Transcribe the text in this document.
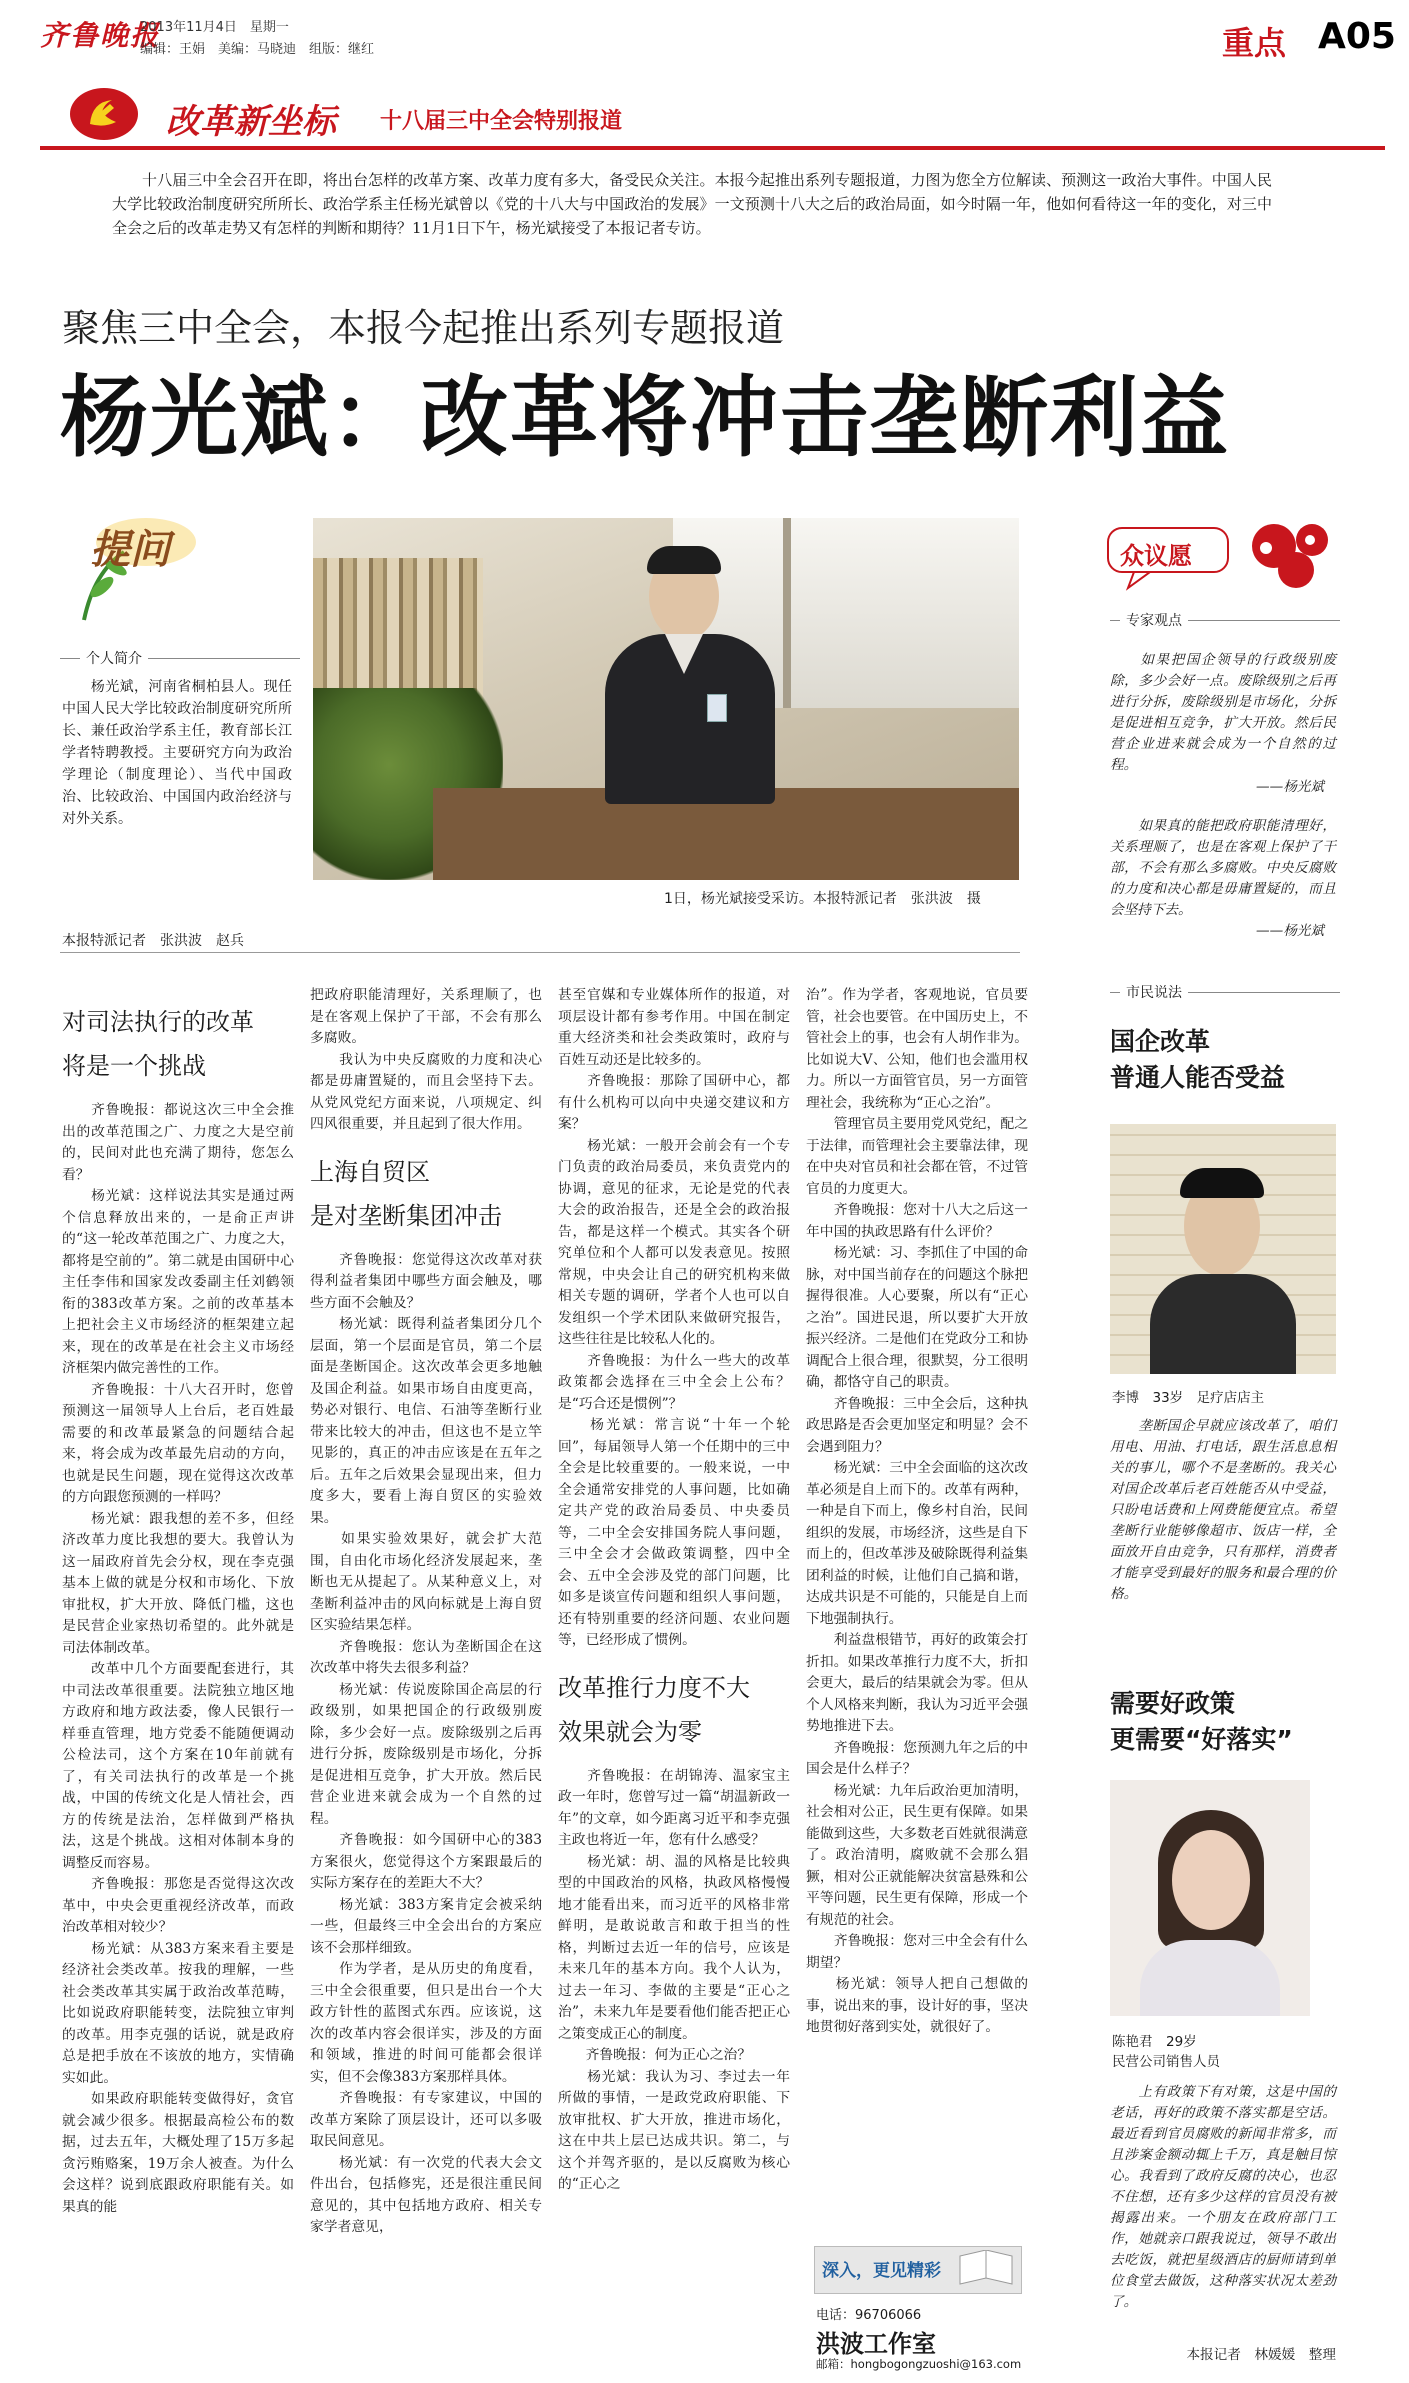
齐鲁晚报
2013年11月4日　星期一
编辑：王娟　美编：马晓迪　组版：继红	重点 A05
改革新坐标 十八届三中全会特别报道
十八届三中全会召开在即，将出台怎样的改革方案、改革力度有多大，备受民众关注。本报今起推出系列专题报道，力图为您全方位解读、预测这一政治大事件。中国人民大学比较政治制度研究所所长、政治学系主任杨光斌曾以《党的十八大与中国政治的发展》一文预测十八大之后的政治局面，如今时隔一年，他如何看待这一年的变化，对三中全会之后的改革走势又有怎样的判断和期待？11月1日下午，杨光斌接受了本报记者专访。
聚焦三中全会，本报今起推出系列专题报道
杨光斌：改革将冲击垄断利益
提问
个人简介
　　杨光斌，河南省桐柏县人。现任中国人民大学比较政治制度研究所所长、兼任政治学系主任，教育部长江学者特聘教授。主要研究方向为政治学理论（制度理论）、当代中国政治、比较政治、中国国内政治经济与对外关系。
1日，杨光斌接受采访。本报特派记者　张洪波　摄
本报特派记者　张洪波　赵兵
对司法执行的改革
将是一个挑战
　　齐鲁晚报：都说这次三中全会推出的改革范围之广、力度之大是空前的，民间对此也充满了期待，您怎么看？
　　杨光斌：这样说法其实是通过两个信息释放出来的，一是俞正声讲的“这一轮改革范围之广、力度之大，都将是空前的”。第二就是由国研中心主任李伟和国家发改委副主任刘鹤领衔的383改革方案。之前的改革基本上把社会主义市场经济的框架建立起来，现在的改革是在社会主义市场经济框架内做完善性的工作。
　　齐鲁晚报：十八大召开时，您曾预测这一届领导人上台后，老百姓最需要的和改革最紧急的问题结合起来，将会成为改革最先启动的方向，也就是民生问题，现在觉得这次改革的方向跟您预测的一样吗？
　　杨光斌：跟我想的差不多，但经济改革力度比我想的要大。我曾认为这一届政府首先会分权，现在李克强基本上做的就是分权和市场化、下放审批权，扩大开放、降低门槛，这也是民营企业家热切希望的。此外就是司法体制改革。
　　改革中几个方面要配套进行，其中司法改革很重要。法院独立地区地方政府和地方政法委，像人民银行一样垂直管理，地方党委不能随便调动公检法司，这个方案在10年前就有了，有关司法执行的改革是一个挑战，中国的传统文化是人情社会，西方的传统是法治，怎样做到严格执法，这是个挑战。这相对体制本身的调整反而容易。
　　齐鲁晚报：那您是否觉得这次改革中，中央会更重视经济改革，而政治改革相对较少？
　　杨光斌：从383方案来看主要是经济社会类改革。按我的理解，一些社会类改革其实属于政治改革范畴，比如说政府职能转变，法院独立审判的改革。用李克强的话说，就是政府总是把手放在不该放的地方，实情确实如此。
　　如果政府职能转变做得好，贪官就会减少很多。根据最高检公布的数据，过去五年，大概处理了15万多起贪污贿赂案，19万余人被查。为什么会这样？说到底跟政府职能有关。如果真的能
把政府职能清理好，关系理顺了，也是在客观上保护了干部，不会有那么多腐败。
　　我认为中央反腐败的力度和决心都是毋庸置疑的，而且会坚持下去。从党风党纪方面来说，八项规定、纠四风很重要，并且起到了很大作用。
上海自贸区
是对垄断集团冲击
　　齐鲁晚报：您觉得这次改革对获得利益者集团中哪些方面会触及，哪些方面不会触及？
　　杨光斌：既得利益者集团分几个层面，第一个层面是官员，第二个层面是垄断国企。这次改革会更多地触及国企利益。如果市场自由度更高，势必对银行、电信、石油等垄断行业带来比较大的冲击，但这也不是立竿见影的，真正的冲击应该是在五年之后。五年之后效果会显现出来，但力度多大，要看上海自贸区的实验效果。
　　如果实验效果好，就会扩大范围，自由化市场化经济发展起来，垄断也无从提起了。从某种意义上，对垄断利益冲击的风向标就是上海自贸区实验结果怎样。
　　齐鲁晚报：您认为垄断国企在这次改革中将失去很多利益？
　　杨光斌：传说废除国企高层的行政级别，如果把国企的行政级别废除，多少会好一点。废除级别之后再进行分拆，废除级别是市场化，分拆是促进相互竞争，扩大开放。然后民营企业进来就会成为一个自然的过程。
　　齐鲁晚报：如今国研中心的383方案很火，您觉得这个方案跟最后的实际方案存在的差距大不大？
　　杨光斌：383方案肯定会被采纳一些，但最终三中全会出台的方案应该不会那样细致。
　　作为学者，是从历史的角度看，三中全会很重要，但只是出台一个大政方针性的蓝图式东西。应该说，这次的改革内容会很详实，涉及的方面和领域，推进的时间可能都会很详实，但不会像383方案那样具体。
　　齐鲁晚报：有专家建议，中国的改革方案除了顶层设计，还可以多吸取民间意见。
　　杨光斌：有一次党的代表大会文件出台，包括修宪，还是很注重民间意见的，其中包括地方政府、相关专家学者意见，
甚至官媒和专业媒体所作的报道，对项层设计都有参考作用。中国在制定重大经济类和社会类政策时，政府与百姓互动还是比较多的。
　　齐鲁晚报：那除了国研中心，都有什么机构可以向中央递交建议和方案？
　　杨光斌：一般开会前会有一个专门负责的政治局委员，来负责党内的协调，意见的征求，无论是党的代表大会的政治报告，还是全会的政治报告，都是这样一个模式。其实各个研究单位和个人都可以发表意见。按照常规，中央会让自己的研究机构来做相关专题的调研，学者个人也可以自发组织一个学术团队来做研究报告，这些往往是比较私人化的。
　　齐鲁晚报：为什么一些大的改革政策都会选择在三中全会上公布？是“巧合还是惯例”？
　　杨光斌：常言说“十年一个轮回”，每届领导人第一个任期中的三中全会是比较重要的。一般来说，一中全会通常安排党的人事问题，比如确定共产党的政治局委员、中央委员等，二中全会安排国务院人事问题，三中全会才会做政策调整，四中全会、五中全会涉及党的部门问题，比如多是谈宣传问题和组织人事问题，还有特别重要的经济问题、农业问题等，已经形成了惯例。
改革推行力度不大
效果就会为零
　　齐鲁晚报：在胡锦涛、温家宝主政一年时，您曾写过一篇“胡温新政一年”的文章，如今距离习近平和李克强主政也将近一年，您有什么感受？
　　杨光斌：胡、温的风格是比较典型的中国政治的风格，执政风格慢慢地才能看出来，而习近平的风格非常鲜明，是敢说敢言和敢于担当的性格，判断过去近一年的信号，应该是未来几年的基本方向。我个人认为，过去一年习、李做的主要是“正心之治”，未来九年是要看他们能否把正心之策变成正心的制度。
　　齐鲁晚报：何为正心之治？
　　杨光斌：我认为习、李过去一年所做的事情，一是政党政府职能、下放审批权、扩大开放，推进市场化，这在中共上层已达成共识。第二，与这个并驾齐驱的，是以反腐败为核心的“正心之
治”。作为学者，客观地说，官员要管，社会也要管。在中国历史上，不管社会上的事，也会有人胡作非为。比如说大V、公知，他们也会滥用权力。所以一方面管官员，另一方面管理社会，我统称为“正心之治”。
　　管理官员主要用党风党纪，配之于法律，而管理社会主要靠法律，现在中央对官员和社会都在管，不过管官员的力度更大。
　　齐鲁晚报：您对十八大之后这一年中国的执政思路有什么评价？
　　杨光斌：习、李抓住了中国的命脉，对中国当前存在的问题这个脉把握得很准。人心要聚，所以有“正心之治”。国进民退，所以要扩大开放振兴经济。二是他们在党政分工和协调配合上很合理，很默契，分工很明确，都恪守自己的职责。
　　齐鲁晚报：三中全会后，这种执政思路是否会更加坚定和明显？会不会遇到阻力？
　　杨光斌：三中全会面临的这次改革必须是自上而下的。改革有两种，一种是自下而上，像乡村自治，民间组织的发展，市场经济，这些是自下而上的，但改革涉及破除既得利益集团利益的时候，让他们自己搞和谐，达成共识是不可能的，只能是自上而下地强制执行。
　　利益盘根错节，再好的政策会打折扣。如果改革推行力度不大，折扣会更大，最后的结果就会为零。但从个人风格来判断，我认为习近平会强势地推进下去。
　　齐鲁晚报：您预测九年之后的中国会是什么样子？
　　杨光斌：九年后政治更加清明，社会相对公正，民生更有保障。如果能做到这些，大多数老百姓就很满意了。政治清明，腐败就不会那么猖獗，相对公正就能解决贫富悬殊和公平等问题，民生更有保障，形成一个有规范的社会。
　　齐鲁晚报：您对三中全会有什么期望？
　　杨光斌：领导人把自己想做的事，说出来的事，设计好的事，坚决地贯彻好落到实处，就很好了。
深入，更见精彩
电话：96706066
洪波工作室
邮箱：hongbogongzuoshi@163.com
众议愿
专家观点
　　如果把国企领导的行政级别废除，多少会好一点。废除级别之后再进行分拆，废除级别是市场化，分拆是促进相互竞争，扩大开放。然后民营企业进来就会成为一个自然的过程。
——杨光斌
　　如果真的能把政府职能清理好，关系理顺了，也是在客观上保护了干部，不会有那么多腐败。中央反腐败的力度和决心都是毋庸置疑的，而且会坚持下去。
——杨光斌
市民说法
国企改革
普通人能否受益
李博　33岁　足疗店店主
　　垄断国企早就应该改革了，咱们用电、用油、打电话，跟生活息息相关的事儿，哪个不是垄断的。我关心对国企改革后老百姓能否从中受益，只盼电话费和上网费能便宜点。希望垄断行业能够像超市、饭店一样，全面放开自由竞争，只有那样，消费者才能享受到最好的服务和最合理的价格。
需要好政策
更需要“好落实”
陈艳君　29岁
民营公司销售人员
　　上有政策下有对策，这是中国的老话，再好的政策不落实都是空话。最近看到官员腐败的新闻非常多，而且涉案金额动辄上千万，真是触目惊心。我看到了政府反腐的决心，也忍不住想，还有多少这样的官员没有被揭露出来。一个朋友在政府部门工作，她就亲口跟我说过，领导不敢出去吃饭，就把星级酒店的厨师请到单位食堂去做饭，这种落实状况太差劲了。
本报记者　林媛媛　整理
